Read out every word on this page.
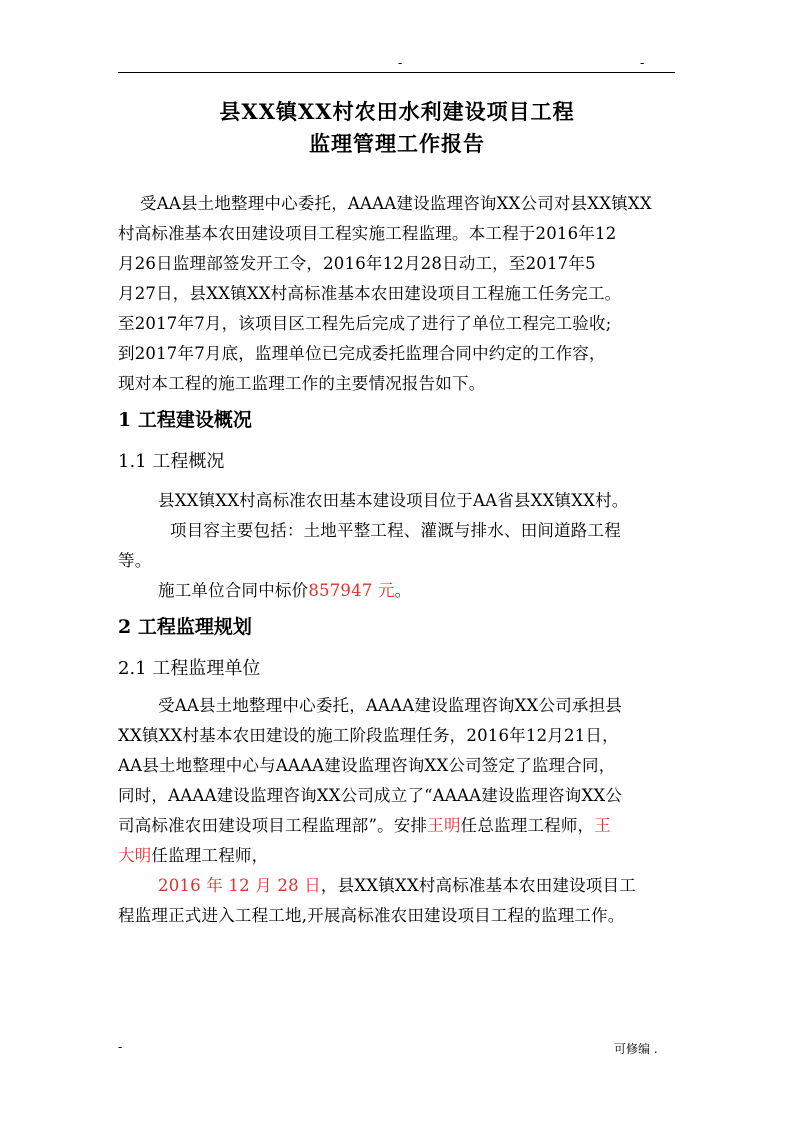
-	-
县XX镇XX村农田水利建设项目工程
监理管理工作报告
受AA县土地整理中心委托，AAAA建设监理咨询XX公司对县XX镇XX
村高标准基本农田建设项目工程实施工程监理。本工程于2016年12
月26日监理部签发开工令，2016年12月28日动工，至2017年5
月27日，县XX镇XX村高标准基本农田建设项目工程施工任务完工。
至2017年7月，该项目区工程先后完成了进行了单位工程完工验收;
到2017年7月底，监理单位已完成委托监理合同中约定的工作容，
现对本工程的施工监理工作的主要情况报告如下。
1 工程建设概况
1.1 工程概况
县XX镇XX村高标准农田基本建设项目位于AA省县XX镇XX村。
项目容主要包括：土地平整工程、灌溉与排水、田间道路工程
等。
施工单位合同中标价857947 元。
2 工程监理规划
2.1 工程监理单位
受AA县土地整理中心委托，AAAA建设监理咨询XX公司承担县
XX镇XX村基本农田建设的施工阶段监理任务，2016年12月21日，
AA县土地整理中心与AAAA建设监理咨询XX公司签定了监理合同，
同时，AAAA建设监理咨询XX公司成立了“AAAA建设监理咨询XX公
司高标准农田建设项目工程监理部”。安排王明任总监理工程师，王
大明任监理工程师，
2016 年 12 月 28 日，县XX镇XX村高标准基本农田建设项目工
程监理正式进入工程工地,开展高标准农田建设项目工程的监理工作。
-	可修编 .
